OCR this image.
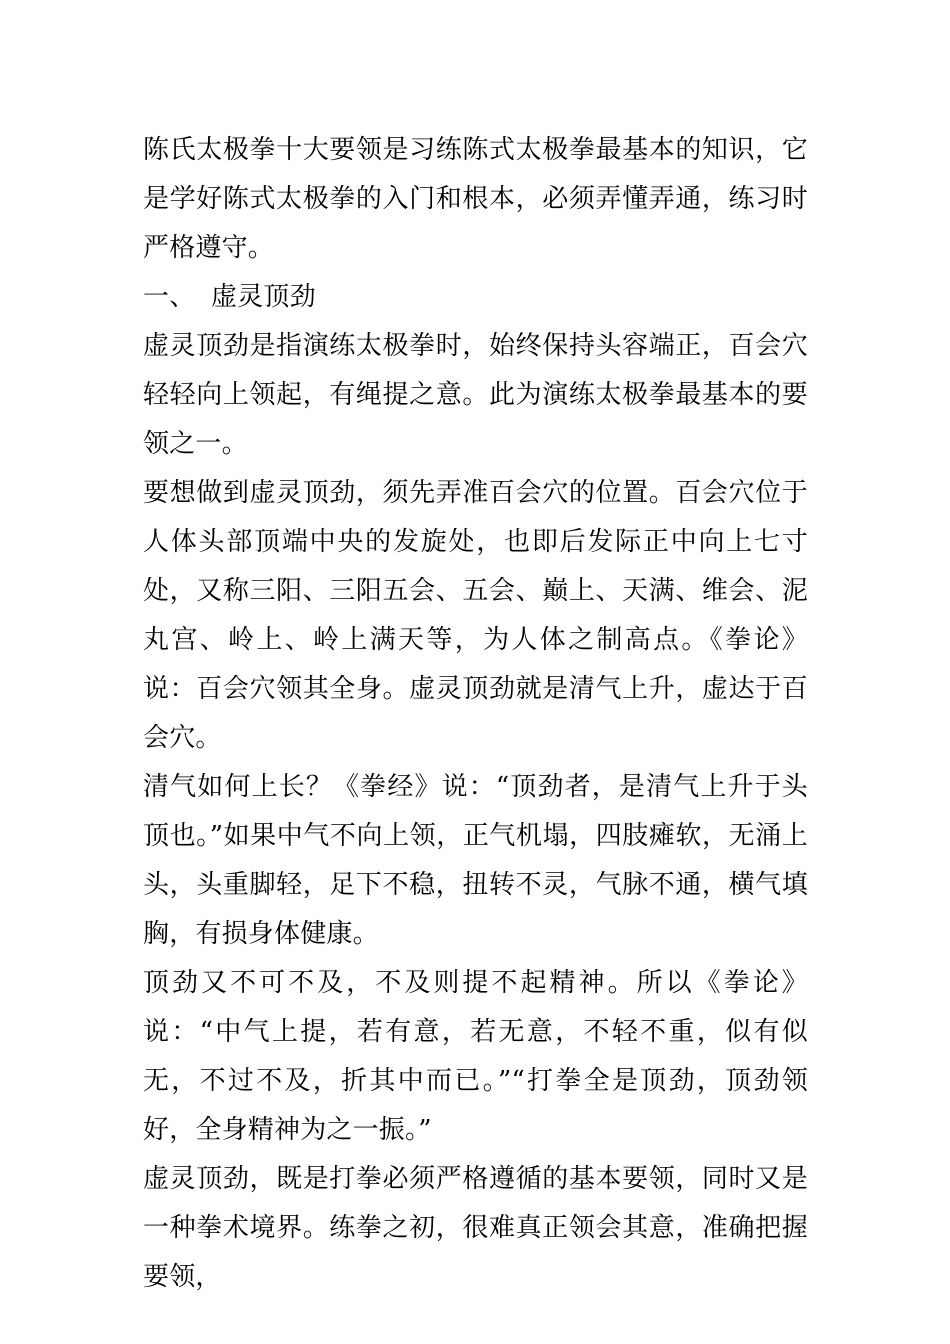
陈氏太极拳十大要领是习练陈式太极拳最基本的知识，它是学好陈式太极拳的入门和根本，必须弄懂弄通，练习时严格遵守。

一、 虚灵顶劲

虚灵顶劲是指演练太极拳时，始终保持头容端正，百会穴轻轻向上领起，有绳提之意。此为演练太极拳最基本的要领之一。

要想做到虚灵顶劲，须先弄准百会穴的位置。百会穴位于人体头部顶端中央的发旋处，也即后发际正中向上七寸处，又称三阳、三阳五会、五会、巅上、天满、维会、泥丸宫、岭上、岭上满天等，为人体之制高点。《拳论》说：百会穴领其全身。虚灵顶劲就是清气上升，虚达于百会穴。

清气如何上长？《拳经》说：“顶劲者，是清气上升于头顶也。”如果中气不向上领，正气机塌，四肢瘫软，无涌上头，头重脚轻，足下不稳，扭转不灵，气脉不通，横气填胸，有损身体健康。

顶劲又不可不及，不及则提不起精神。所以《拳论》说：“中气上提，若有意，若无意，不轻不重，似有似无，不过不及，折其中而已。”“打拳全是顶劲，顶劲领好，全身精神为之一振。”

虚灵顶劲，既是打拳必须严格遵循的基本要领，同时又是一种拳术境界。练拳之初，很难真正领会其意，准确把握要领，
